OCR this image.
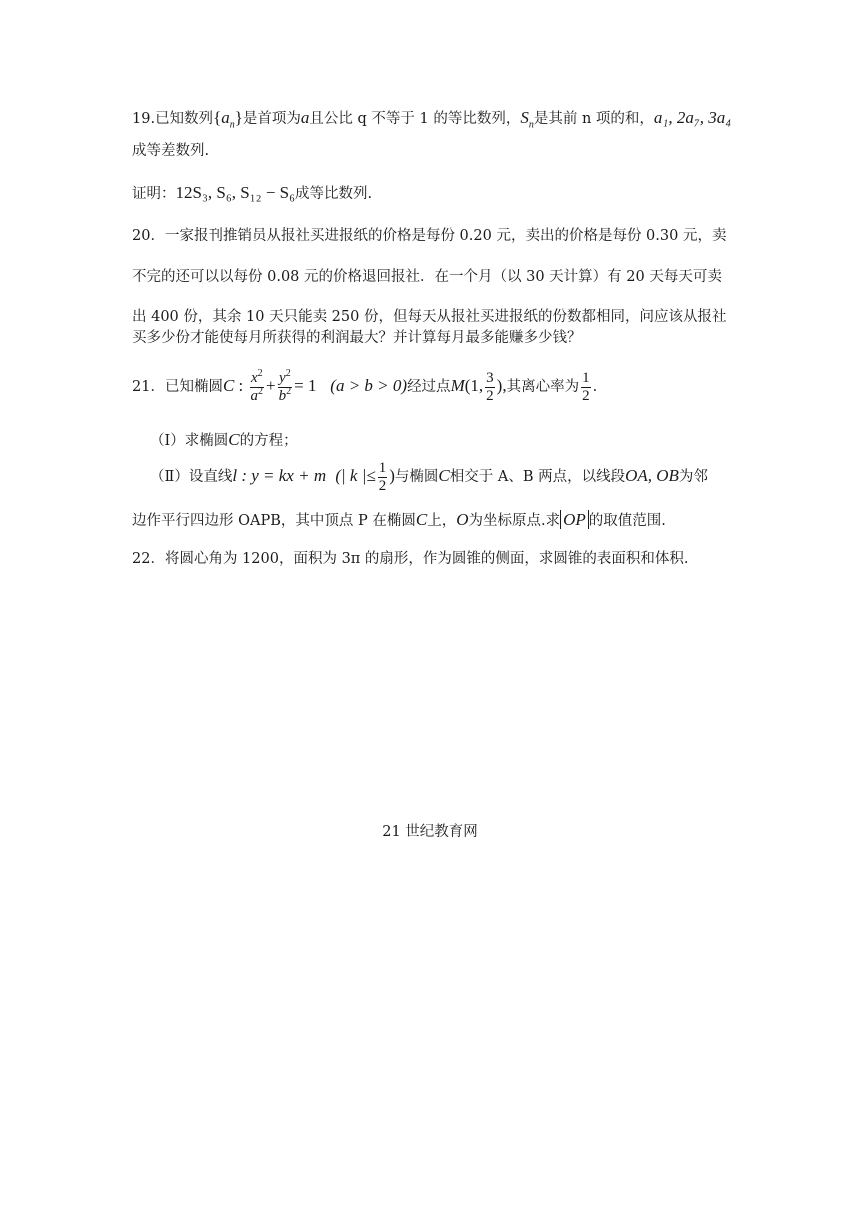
19.已知数列$\{a_n\}$是首项为a且公比 q 不等于 1 的等比数列，$S_n$是其前 n 项的和，a₁, 2a₇, 3a₄
成等差数列.
证明：12S₃, S₆, S₁₂ − S₆成等比数列.
20．一家报刊推销员从报社买进报纸的价格是每份 0.20 元，卖出的价格是每份 0.30 元，卖
不完的还可以以每份 0.08 元的价格退回报社．在一个月（以 30 天计算）有 20 天每天可卖
出 400 份，其余 10 天只能卖 250 份，但每天从报社买进报纸的份数都相同，问应该从报社
买多少份才能使每月所获得的利润最大？并计算每月最多能赚多少钱？
21．已知椭圆C : $\frac{x^2}{a^2} + \frac{y^2}{b^2} = 1$ (a > b > 0)经过点M(1, $\frac{3}{2}$ ),其离心率为 $\frac{1}{2}$ .
（Ⅰ）求椭圆C的方程；
（Ⅱ）设直线l : y = kx + m (| k |≤ $\frac{1}{2}$ )与椭圆C相交于 A、B 两点，以线段OA, OB为邻
边作平行四边形 OAPB，其中顶点 P 在椭圆C上，O为坐标原点.求 OP 的取值范围.
22．将圆心角为 1200，面积为 3π 的扇形，作为圆锥的侧面，求圆锥的表面积和体积.
21 世纪教育网
